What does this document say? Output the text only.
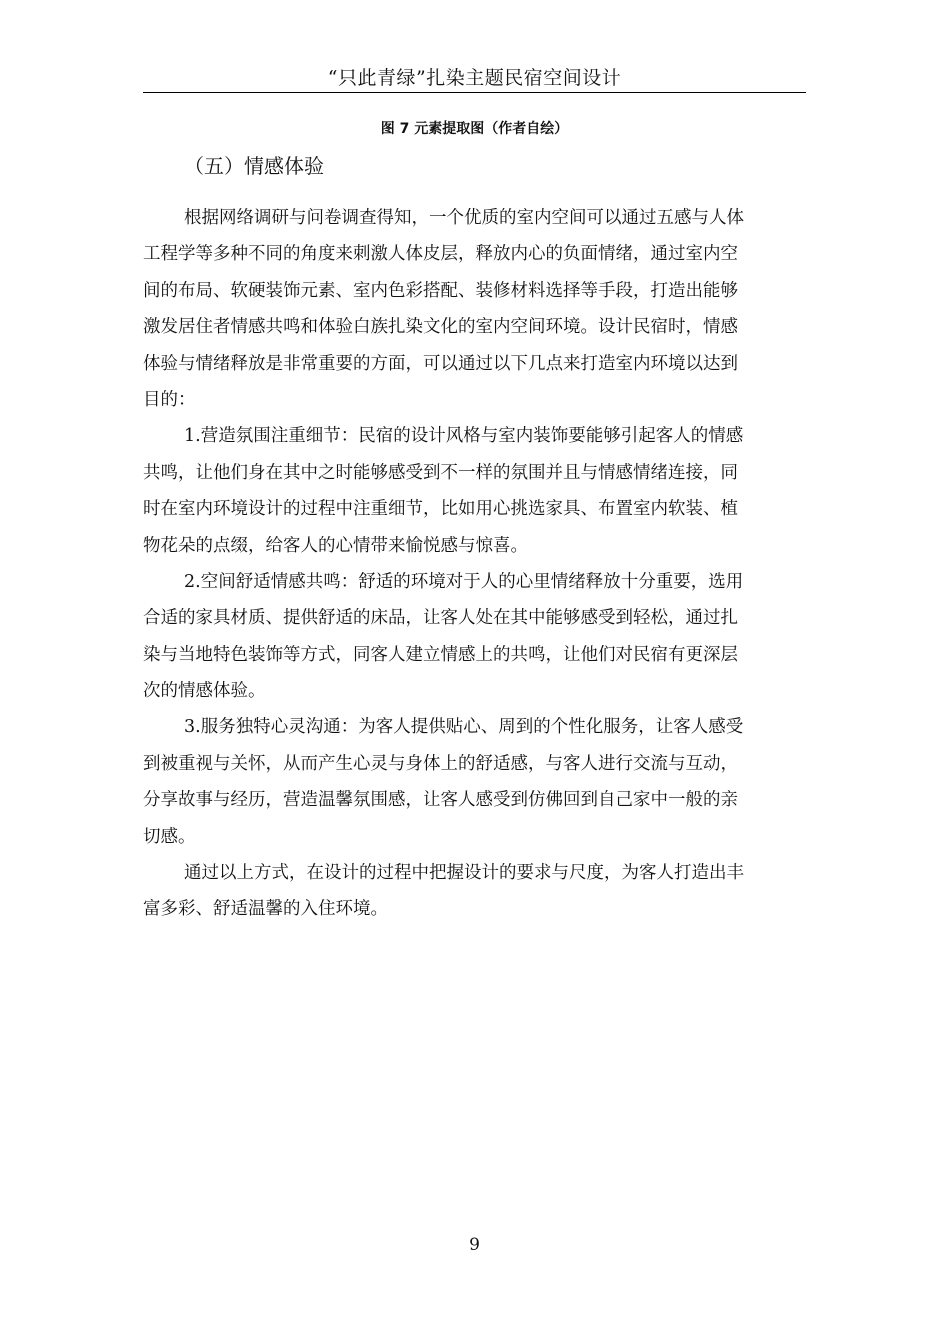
“只此青绿”扎染主题民宿空间设计
图 7 元素提取图（作者自绘）
（五）情感体验
根据网络调研与问卷调查得知，一个优质的室内空间可以通过五感与人体
工程学等多种不同的角度来刺激人体皮层，释放内心的负面情绪，通过室内空
间的布局、软硬装饰元素、室内色彩搭配、装修材料选择等手段，打造出能够
激发居住者情感共鸣和体验白族扎染文化的室内空间环境。设计民宿时，情感
体验与情绪释放是非常重要的方面，可以通过以下几点来打造室内环境以达到
目的：
1.营造氛围注重细节：民宿的设计风格与室内装饰要能够引起客人的情感
共鸣，让他们身在其中之时能够感受到不一样的氛围并且与情感情绪连接，同
时在室内环境设计的过程中注重细节，比如用心挑选家具、布置室内软装、植
物花朵的点缀，给客人的心情带来愉悦感与惊喜。
2.空间舒适情感共鸣：舒适的环境对于人的心里情绪释放十分重要，选用
合适的家具材质、提供舒适的床品，让客人处在其中能够感受到轻松，通过扎
染与当地特色装饰等方式，同客人建立情感上的共鸣，让他们对民宿有更深层
次的情感体验。
3.服务独特心灵沟通：为客人提供贴心、周到的个性化服务，让客人感受
到被重视与关怀，从而产生心灵与身体上的舒适感，与客人进行交流与互动，
分享故事与经历，营造温馨氛围感，让客人感受到仿佛回到自己家中一般的亲
切感。
通过以上方式，在设计的过程中把握设计的要求与尺度，为客人打造出丰
富多彩、舒适温馨的入住环境。
9
